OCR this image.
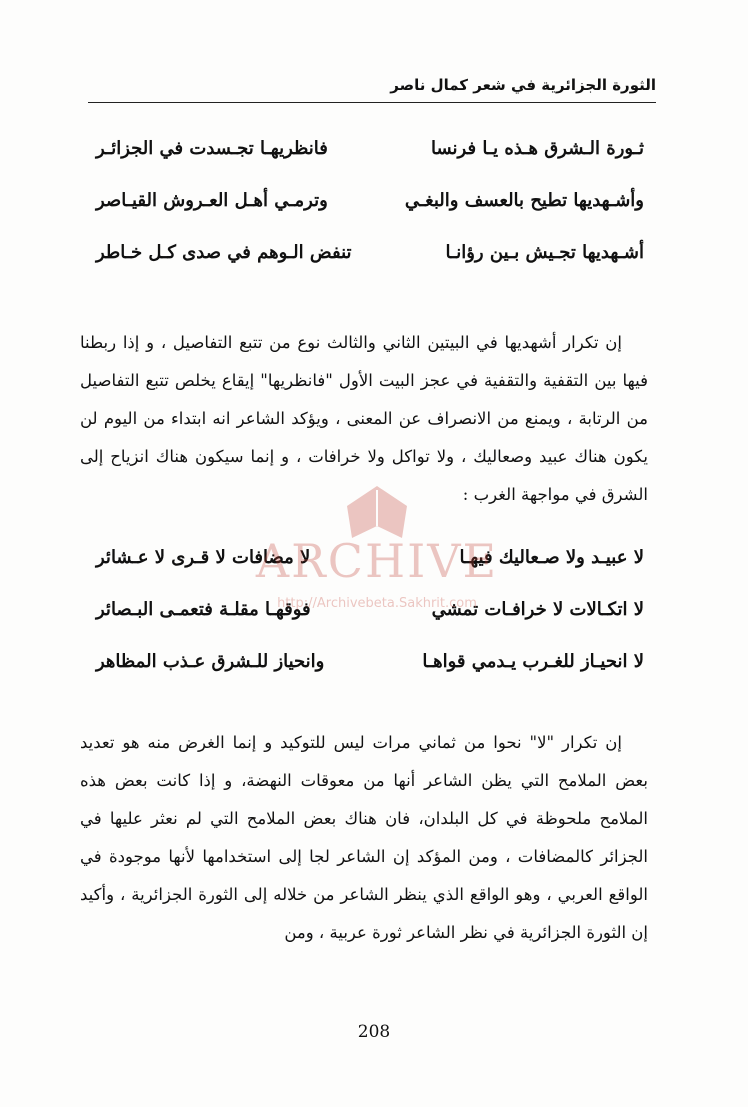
الثورة الجزائرية في شعر كمال ناصر
ثـورة الـشرق هـذه يـا فرنسا
فانظريهـا تجـسدت في الجزائـر
وأشـهديها تطيح بالعسف والبغـي
وترمـي أهـل العـروش القيـاصر
أشـهديها تجـيش بـين رؤانـا
تنفض الـوهم في صدى كـل خـاطر

إن تكرار أشهديها في البيتين الثاني والثالث نوع من تتبع التفاصيل ، و إذا ربطنا فيها بين التقفية والتقفية في عجز البيت الأول "فانظريها" إيقاع يخلص تتبع التفاصيل من الرتابة ، ويمنع من الانصراف عن المعنى ، ويؤكد الشاعر انه ابتداء من اليوم لن يكون هناك عبيد وصعاليك ، ولا تواكل ولا خرافات ، و إنما سيكون هناك انزياح إلى الشرق في مواجهة الغرب :

لا عبيـد ولا صـعاليك فيهـا
لا مضافات لا قـرى لا عـشائر
لا اتكـالات لا خرافـات تمشي
فوقهـا مقلـة فتعمـى البـصائر
لا انحيـاز للغـرب يـدمي قواهـا
وانحياز للـشرق عـذب المظاهر

إن تكرار "لا" نحوا من ثماني مرات ليس للتوكيد و إنما الغرض منه هو تعديد بعض الملامح التي يظن الشاعر أنها من معوقات النهضة، و إذا كانت بعض هذه الملامح ملحوظة في كل البلدان، فان هناك بعض الملامح التي لم نعثر عليها في الجزائر كالمضافات ، ومن المؤكد إن الشاعر لجا إلى استخدامها لأنها موجودة في الواقع العربي ، وهو الواقع الذي ينظر الشاعر من خلاله إلى الثورة الجزائرية ، وأكيد إن الثورة الجزائرية في نظر الشاعر ثورة عربية ، ومن

208
ARCHIVE
http://Archivebeta.Sakhrit.com
